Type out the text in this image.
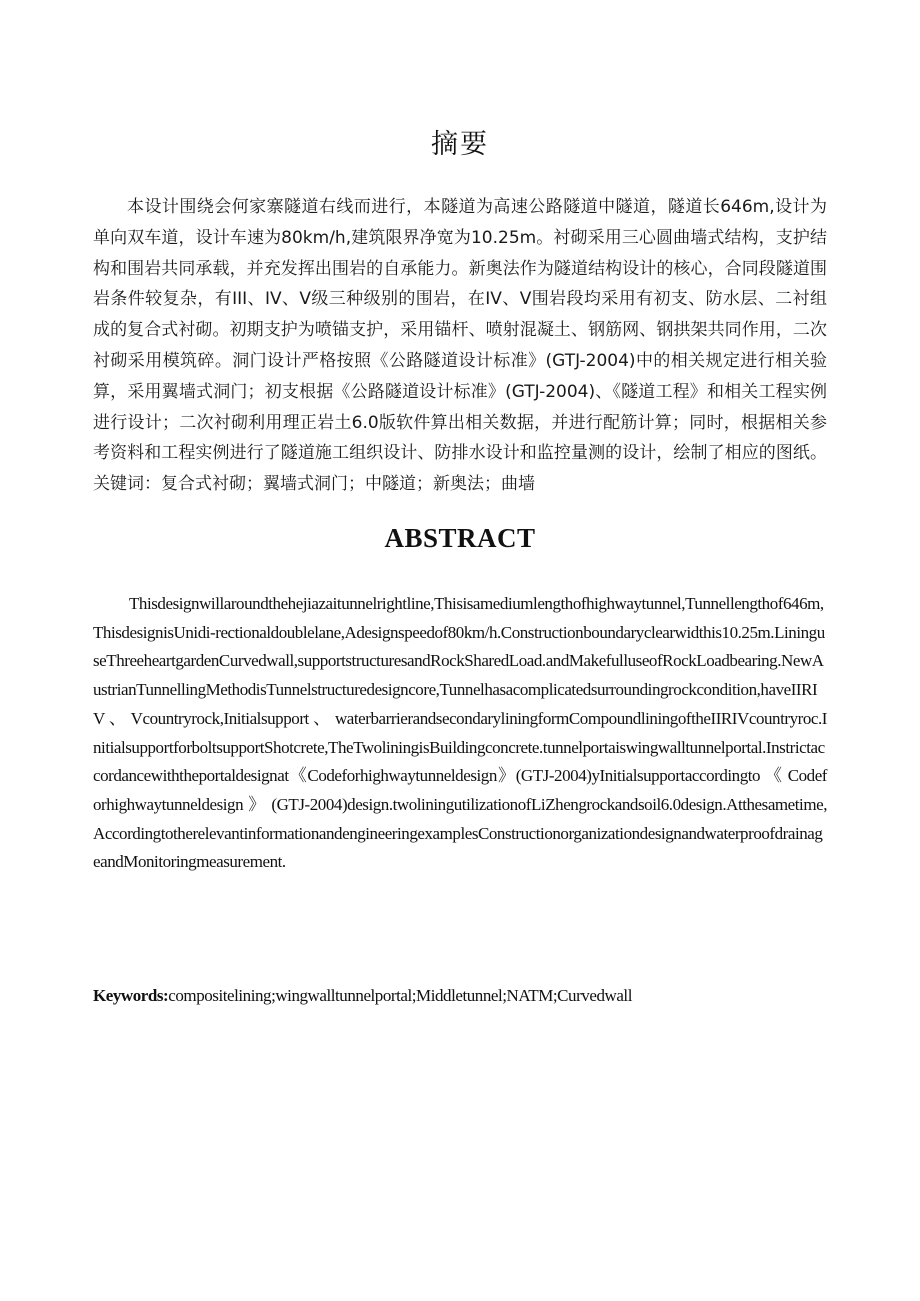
摘要

本设计围绕会何家寨隧道右线而进行，本隧道为高速公路隧道中隧道，隧道长646m,设计为单向双车道，设计车速为80km/h,建筑限界净宽为10.25m。衬砌采用三心圆曲墙式结构，支护结构和围岩共同承载，并充发挥出围岩的自承能力。新奥法作为隧道结构设计的核心，合同段隧道围岩条件较复杂，有III、IV、V级三种级别的围岩，在IV、V围岩段均采用有初支、防水层、二衬组成的复合式衬砌。初期支护为喷锚支护，采用锚杆、喷射混凝土、钢筋网、钢拱架共同作用，二次衬砌采用模筑碎。洞门设计严格按照《公路隧道设计标准》(GTJ-2004)中的相关规定进行相关验算，采用翼墙式洞门；初支根据《公路隧道设计标准》(GTJ-2004)、《隧道工程》和相关工程实例进行设计；二次衬砌利用理正岩土6.0版软件算出相关数据，并进行配筋计算；同时，根据相关参考资料和工程实例进行了隧道施工组织设计、防排水设计和监控量测的设计，绘制了相应的图纸。关键词：复合式衬砌；翼墙式洞门；中隧道；新奥法；曲墙

ABSTRACT

Thisdesignwillaroundthehejiazaitunnelrightline,Thisisamediumlengthofhighwaytunnel,Tunnellengthof646m,ThisdesignisUnidi-rectionaldoublelane,Adesignspeedof80km/h.Constructionboundaryclearwidthis10.25m.LininguseThreeheartgardenCurvedwall,supportstructuresandRockSharedLoad.andMakefulluseofRockLoadbearing.NewAustrianTunnellingMethodisTunnelstructuredesigncore,Tunnelhasacomplicatedsurroundingrockcondition,haveIIRIV 、 Vcountryrock,Initialsupport 、 waterbarrierandsecondaryliningformCompoundliningoftheIIRIVcountryroc.InitialsupportforboltsupportShotcrete,TheTwoliningisBuildingconcrete.tunnelportaiswingwalltunnelportal.Instrictaccordancewiththeportaldesignat《Codeforhighwaytunneldesign》(GTJ-2004)yInitialsupportaccordingto 《 Codeforhighwaytunneldesign 》 (GTJ-2004)design.twoliningutilizationofLiZhengrockandsoil6.0design.Atthesametime,AccordingtotherelevantinformationandengineeringexamplesConstructionorganizationdesignandwaterproofdrainageandMonitoringmeasurement.

Keywords:compositelining;wingwalltunnelportal;Middletunnel;NATM;Curvedwall
